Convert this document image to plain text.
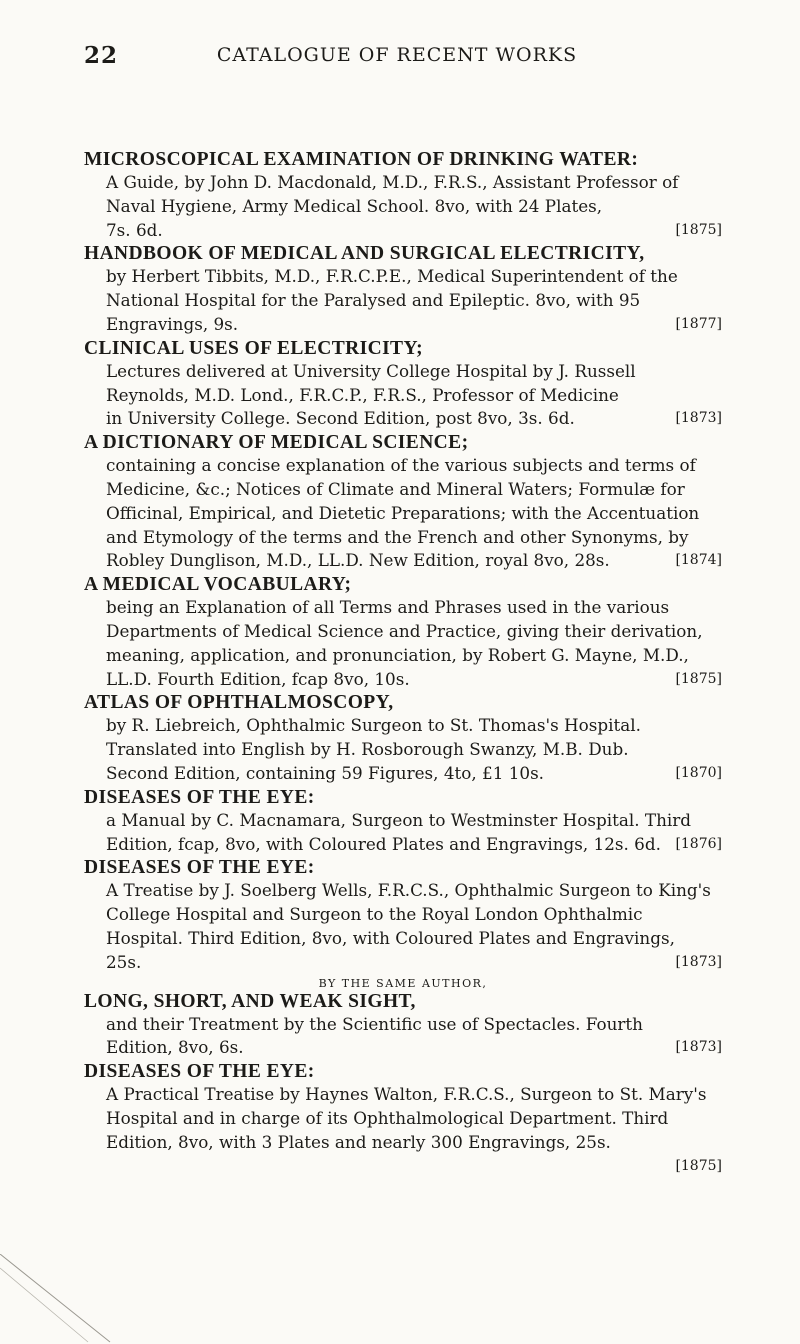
22	CATALOGUE OF RECENT WORKS
MICROSCOPICAL EXAMINATION OF DRINKING WATER:
A Guide, by John D. Macdonald, M.D., F.R.S., Assistant Professor of Naval Hygiene, Army Medical School. 8vo, with 24 Plates,
7s. 6d.	[1875]
HANDBOOK OF MEDICAL AND SURGICAL ELECTRICITY,
by Herbert Tibbits, M.D., F.R.C.P.E., Medical Superintendent of the National Hospital for the Paralysed and Epileptic. 8vo, with 95
Engravings, 9s.	[1877]
CLINICAL USES OF ELECTRICITY;
Lectures delivered at University College Hospital by J. Russell Reynolds, M.D. Lond., F.R.C.P., F.R.S., Professor of Medicine
in University College. Second Edition, post 8vo, 3s. 6d.	[1873]
A DICTIONARY OF MEDICAL SCIENCE;
containing a concise explanation of the various subjects and terms of Medicine, &c.; Notices of Climate and Mineral Waters; Formulæ for Officinal, Empirical, and Dietetic Preparations; with the Accentuation and Etymology of the terms and the French and other Synonyms, by
Robley Dunglison, M.D., LL.D. New Edition, royal 8vo, 28s.	[1874]
A MEDICAL VOCABULARY;
being an Explanation of all Terms and Phrases used in the various Departments of Medical Science and Practice, giving their derivation, meaning, application, and pronunciation, by Robert G. Mayne, M.D.,
LL.D. Fourth Edition, fcap 8vo, 10s.	[1875]
ATLAS OF OPHTHALMOSCOPY,
by R. Liebreich, Ophthalmic Surgeon to St. Thomas's Hospital. Translated into English by H. Rosborough Swanzy, M.B. Dub.
Second Edition, containing 59 Figures, 4to, £1 10s.	[1870]
DISEASES OF THE EYE:
a Manual by C. Macnamara, Surgeon to Westminster Hospital. Third
Edition, fcap, 8vo, with Coloured Plates and Engravings, 12s. 6d. [1876]
DISEASES OF THE EYE:
A Treatise by J. Soelberg Wells, F.R.C.S., Ophthalmic Surgeon to King's College Hospital and Surgeon to the Royal London Ophthalmic Hospital. Third Edition, 8vo, with Coloured Plates and Engravings,
25s.	[1873]
BY THE SAME AUTHOR,
LONG, SHORT, AND WEAK SIGHT,
and their Treatment by the Scientific use of Spectacles. Fourth
Edition, 8vo, 6s.	[1873]
DISEASES OF THE EYE:
A Practical Treatise by Haynes Walton, F.R.C.S., Surgeon to St. Mary's Hospital and in charge of its Ophthalmological Department. Third Edition, 8vo, with 3 Plates and nearly 300 Engravings, 25s.
[1875]
